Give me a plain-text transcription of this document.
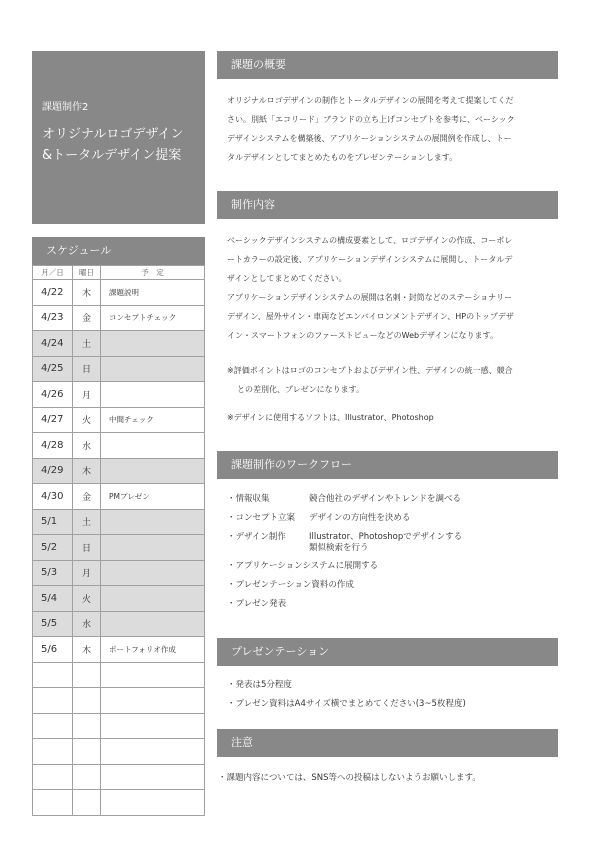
課題制作2
オリジナルロゴデザイン
&トータルデザイン提案
スケジュール
月／日	曜日	予　定
4/22	木	課題説明
4/23	金	コンセプトチェック
4/24	土	
4/25	日	
4/26	月	
4/27	火	中間チェック
4/28	水	
4/29	木	
4/30	金	PMプレゼン
5/1	土	
5/2	日	
5/3	月	
5/4	火	
5/5	水	
5/6	木	ポートフォリオ作成

課題の概要
オリジナルロゴデザインの制作とトータルデザインの展開を考えて提案してくだ
さい。別紙「エコリード」ブランドの立ち上げコンセプトを参考に、ベーシック
デザインシステムを構築後、アプリケーションシステムの展開例を作成し、トー
タルデザインとしてまとめたものをプレゼンテーションします。
制作内容
ベーシックデザインシステムの構成要素として、ロゴデザインの作成、コーポレ
ートカラーの設定後、アプリケーションデザインシステムに展開し、トータルデ
ザインとしてまとめてください。
アプリケーションデザインシステムの展開は名刺・封筒などのステーショナリー
デザイン、屋外サイン・車両などエンバイロンメントデザイン、HPのトップデザ
イン・スマートフォンのファーストビューなどのWebデザインになります。
※評価ポイントはロゴのコンセプトおよびデザイン性、デザインの統一感、競合
との差別化、プレゼンになります。
※デザインに使用するソフトは、Illustrator、Photoshop
課題制作のワークフロー
・情報収集	競合他社のデザインやトレンドを調べる
・コンセプト立案	デザインの方向性を決める
・デザイン制作	Illustrator、Photoshopでデザインする
類似検索を行う
・アプリケーションシステムに展開する
・プレゼンテーション資料の作成
・プレゼン発表
プレゼンテーション
・発表は5分程度
・プレゼン資料はA4サイズ横でまとめてください(3~5枚程度)
注意
・課題内容については、SNS等への投稿はしないようお願いします。
